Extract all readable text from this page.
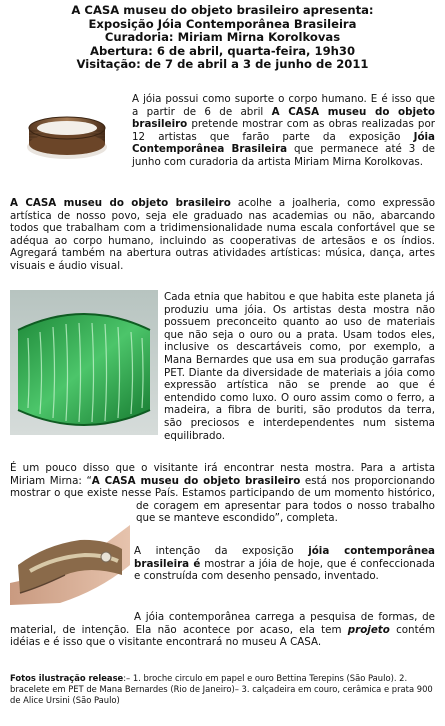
A CASA museu do objeto brasileiro apresenta:
Exposição Jóia Contemporânea Brasileira
Curadoria: Miriam Mirna Korolkovas
Abertura: 6 de abril, quarta-feira, 19h30
Visitação: de 7 de abril a 3 de junho de 2011
A jóia possui como suporte o corpo humano. E é isso que a partir de 6 de abril A CASA museu do objeto brasileiro pretende mostrar com as obras realizadas por 12 artistas que farão parte da exposição Jóia Contemporânea Brasileira que permanece até 3 de junho com curadoria da artista Miriam Mirna Korolkovas.
A CASA museu do objeto brasileiro acolhe a joalheria, como expressão artística de nosso povo, seja ele graduado nas academias ou não, abarcando todos que trabalham com a tridimensionalidade numa escala confortável que se adéqua ao corpo humano, incluindo as cooperativas de artesãos e os índios. Agregará também na abertura outras atividades artísticas: música, dança, artes visuais e áudio visual.
Cada etnia que habitou e que habita este planeta já produziu uma jóia. Os artistas desta mostra não possuem preconceito quanto ao uso de materiais que não seja o ouro ou a prata. Usam todos eles, inclusive os descartáveis como, por exemplo, a Mana Bernardes que usa em sua produção garrafas PET. Diante da diversidade de materiais a jóia como expressão artística não se prende ao que é entendido como luxo. O ouro assim como o ferro, a madeira, a fibra de buriti, são produtos da terra, são preciosos e interdependentes num sistema equilibrado.
É um pouco disso que o visitante irá encontrar nesta mostra. Para a artista Miriam Mirna: “A CASA museu do objeto brasileiro está nos proporcionando mostrar o que existe nesse País. Estamos participando de um momento histórico, de coragem em apresentar para todos o nosso trabalho que se manteve escondido”, completa.
A intenção da exposição jóia contemporânea brasileira é mostrar a jóia de hoje, que é confeccionada e construída com desenho pensado, inventado.
A jóia contemporânea carrega a pesquisa de formas, de material, de intenção. Ela não acontece por acaso, ela tem projeto contém idéias e é isso que o visitante encontrará no museu A CASA.
Fotos ilustração release:– 1. broche circulo em papel e ouro Bettina Terepins (São Paulo). 2. bracelete em PET de Mana Bernardes (Rio de Janeiro)– 3. calçadeira em couro, cerâmica e prata 900 de Alice Ursini (São Paulo)
